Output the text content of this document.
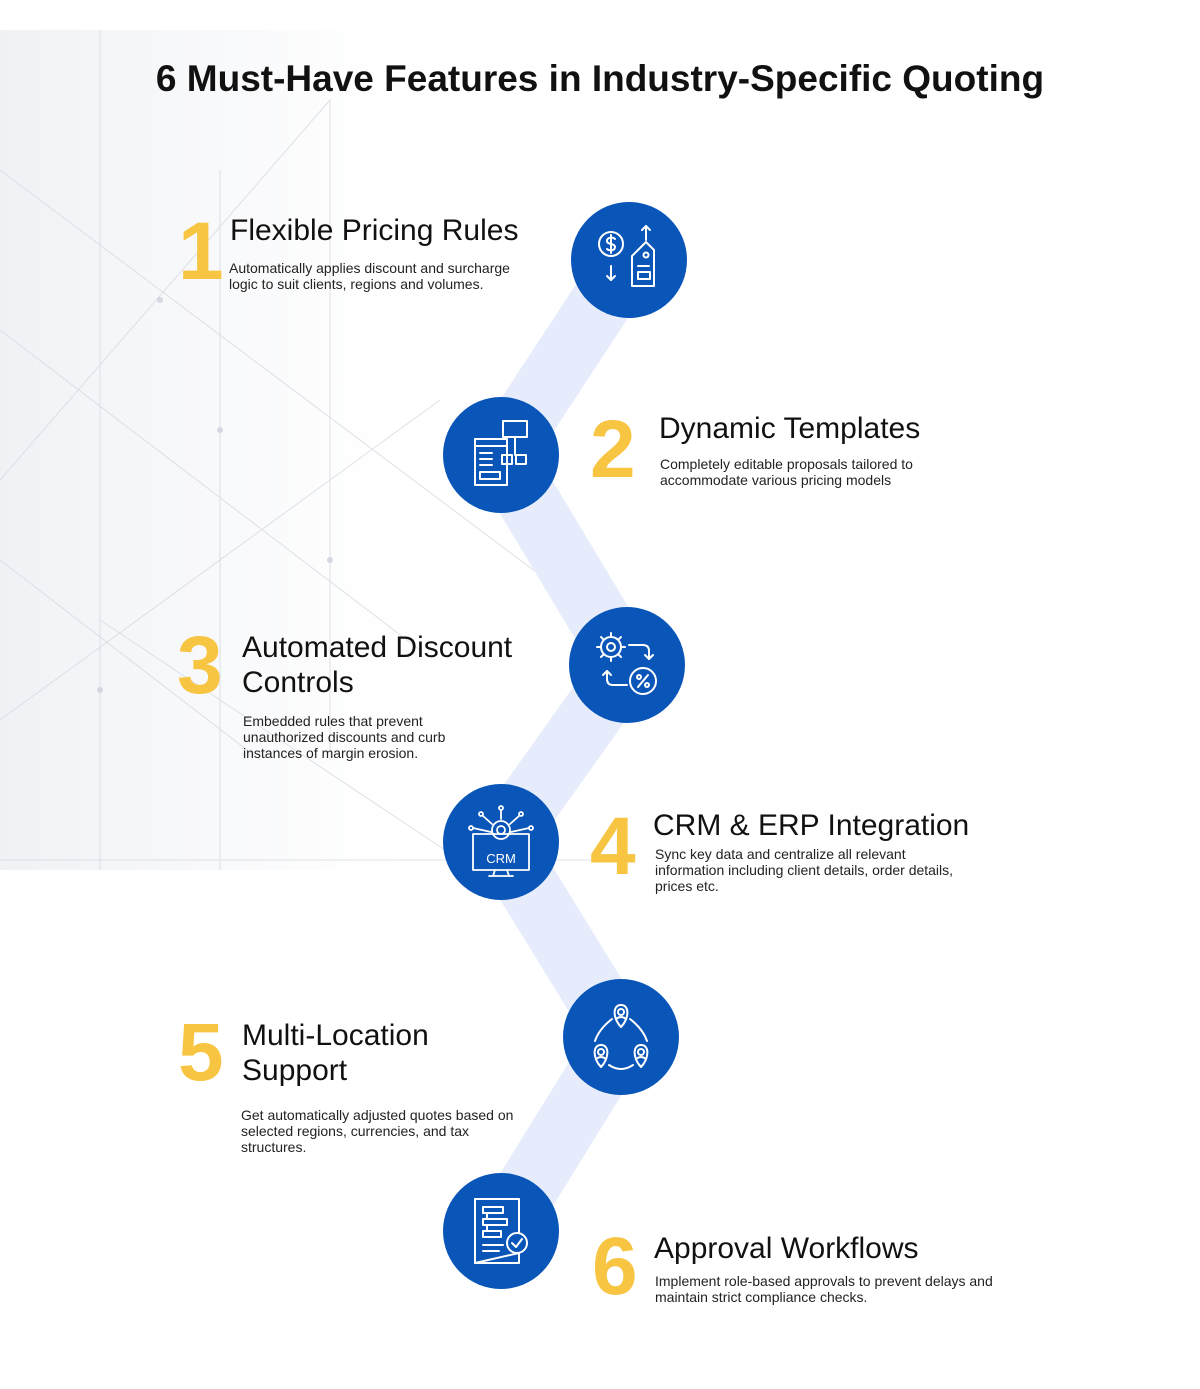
6 Must-Have Features in Industry-Specific Quoting
1 Flexible Pricing Rules

Automatically applies discount and surcharge logic to suit clients, regions and volumes.

2 Dynamic Templates

Completely editable proposals tailored to accommodate various pricing models

3 Automated Discount Controls

Embedded rules that prevent unauthorized discounts and curb instances of margin erosion.

CRM 4 CRM & ERP Integration

Sync key data and centralize all relevant information including client details, order details, prices etc.

5 Multi-Location Support

Get automatically adjusted quotes based on selected regions, currencies, and tax structures.

6 Approval Workflows

Implement role-based approvals to prevent delays and maintain strict compliance checks.
